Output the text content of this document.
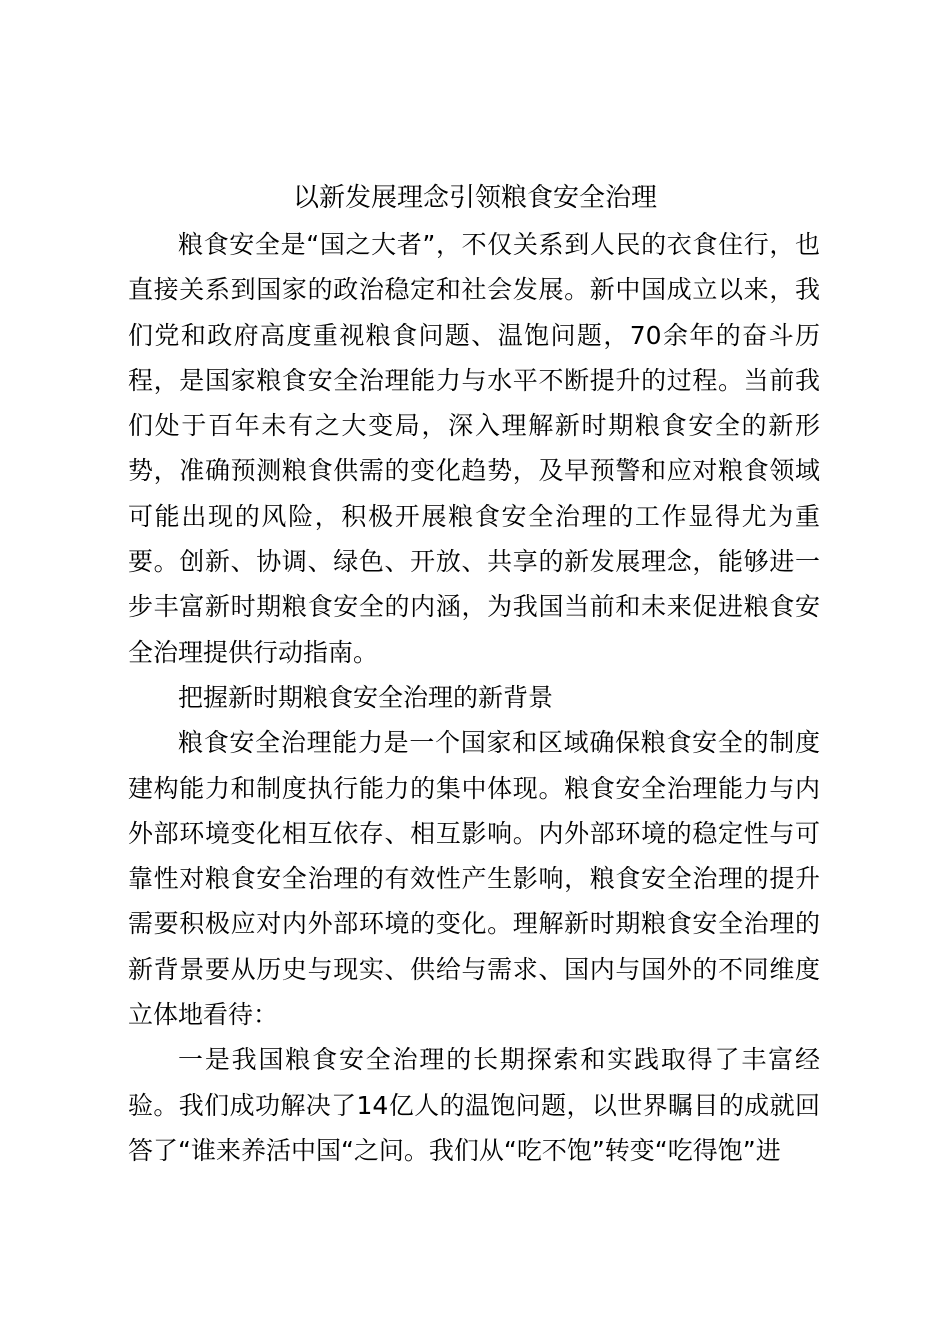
以新发展理念引领粮食安全治理

粮食安全是“国之大者”，不仅关系到人民的衣食住行，也直接关系到国家的政治稳定和社会发展。新中国成立以来，我们党和政府高度重视粮食问题、温饱问题，70余年的奋斗历程，是国家粮食安全治理能力与水平不断提升的过程。当前我们处于百年未有之大变局，深入理解新时期粮食安全的新形势，准确预测粮食供需的变化趋势，及早预警和应对粮食领域可能出现的风险，积极开展粮食安全治理的工作显得尤为重要。创新、协调、绿色、开放、共享的新发展理念，能够进一步丰富新时期粮食安全的内涵，为我国当前和未来促进粮食安全治理提供行动指南。

把握新时期粮食安全治理的新背景

粮食安全治理能力是一个国家和区域确保粮食安全的制度建构能力和制度执行能力的集中体现。粮食安全治理能力与内外部环境变化相互依存、相互影响。内外部环境的稳定性与可靠性对粮食安全治理的有效性产生影响，粮食安全治理的提升需要积极应对内外部环境的变化。理解新时期粮食安全治理的新背景要从历史与现实、供给与需求、国内与国外的不同维度立体地看待：

一是我国粮食安全治理的长期探索和实践取得了丰富经验。我们成功解决了14亿人的温饱问题，以世界瞩目的成就回答了“谁来养活中国“之问。我们从“吃不饱”转变“吃得饱”进
